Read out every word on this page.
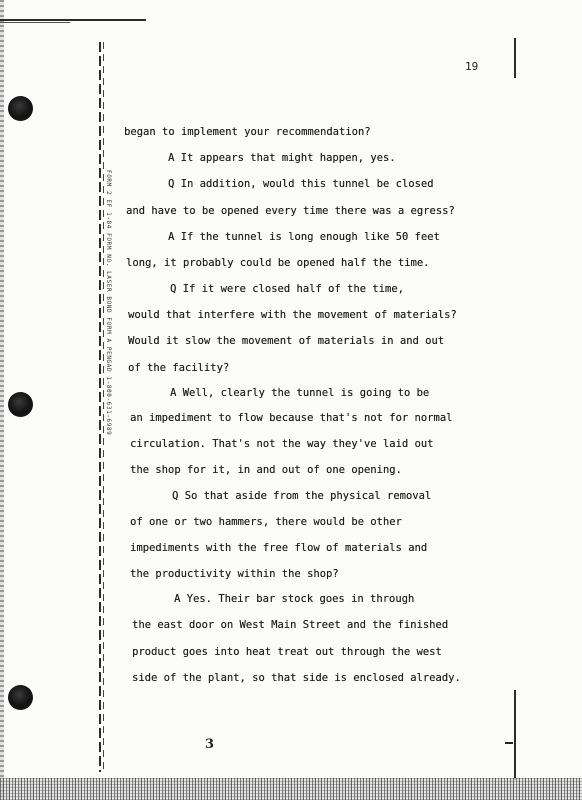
FORM 2 EF 1-84 FORM NO. LASER BOND FORM A PENGAD 1-800-631-6989
19
began to implement your recommendation?
A It appears that might happen, yes.
Q In addition, would this tunnel be closed
and have to be opened every time there was a egress?
A If the tunnel is long enough like 50 feet
long, it probably could be opened half the time.
Q If it were closed half of the time,
would that interfere with the movement of materials?
Would it slow the movement of materials in and out
of the facility?
A Well, clearly the tunnel is going to be
an impediment to flow because that's not for normal
circulation. That's not the way they've laid out
the shop for it, in and out of one opening.
Q So that aside from the physical removal
of one or two hammers, there would be other
impediments with the free flow of materials and
the productivity within the shop?
A Yes. Their bar stock goes in through
the east door on West Main Street and the finished
product goes into heat treat out through the west
side of the plant, so that side is enclosed already.
3
